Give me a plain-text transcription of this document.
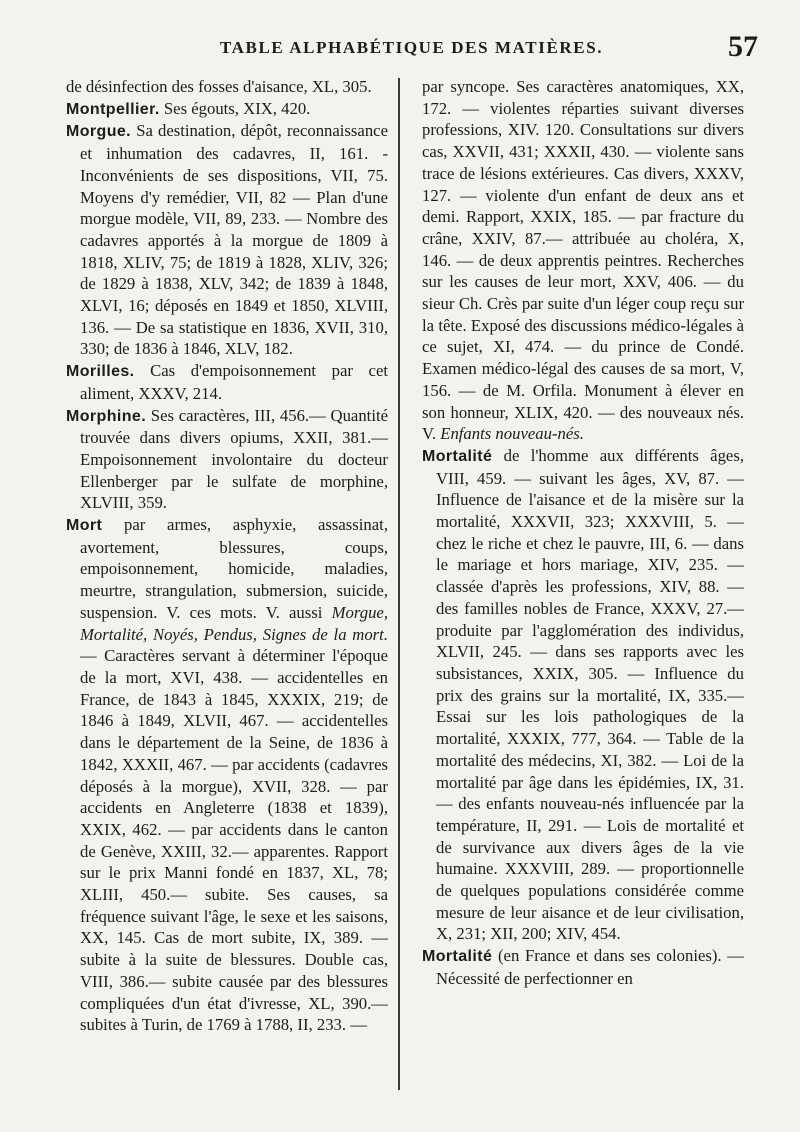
TABLE ALPHABÉTIQUE DES MATIÈRES.	57

de désinfection des fosses d'aisance, XL, 305.

Montpellier. Ses égouts, XIX, 420.

Morgue. Sa destination, dépôt, reconnaissance et inhumation des cadavres, II, 161. - Inconvénients de ses dispositions, VII, 75. Moyens d'y remédier, VII, 82 — Plan d'une morgue modèle, VII, 89, 233. — Nombre des cadavres apportés à la morgue de 1809 à 1818, XLIV, 75; de 1819 à 1828, XLIV, 326; de 1829 à 1838, XLV, 342; de 1839 à 1848, XLVI, 16; déposés en 1849 et 1850, XLVIII, 136. — De sa statistique en 1836, XVII, 310, 330; de 1836 à 1846, XLV, 182.

Morilles. Cas d'empoisonnement par cet aliment, XXXV, 214.

Morphine. Ses caractères, III, 456.— Quantité trouvée dans divers opiums, XXII, 381.— Empoisonnement involontaire du docteur Ellenberger par le sulfate de morphine, XLVIII, 359.

Mort par armes, asphyxie, assassinat, avortement, blessures, coups, empoisonnement, homicide, maladies, meurtre, strangulation, submersion, suicide, suspension. V. ces mots. V. aussi Morgue, Mortalité, Noyés, Pendus, Signes de la mort. — Caractères servant à déterminer l'époque de la mort, XVI, 438. — accidentelles en France, de 1843 à 1845, XXXIX, 219; de 1846 à 1849, XLVII, 467. — accidentelles dans le département de la Seine, de 1836 à 1842, XXXII, 467. — par accidents (cadavres déposés à la morgue), XVII, 328. — par accidents en Angleterre (1838 et 1839), XXIX, 462. — par accidents dans le canton de Genève, XXIII, 32.— apparentes. Rapport sur le prix Manni fondé en 1837, XL, 78; XLIII, 450.— subite. Ses causes, sa fréquence suivant l'âge, le sexe et les saisons, XX, 145. Cas de mort subite, IX, 389. — subite à la suite de blessures. Double cas, VIII, 386.— subite causée par des blessures compliquées d'un état d'ivresse, XL, 390.— subites à Turin, de 1769 à 1788, II, 233. —

par syncope. Ses caractères anatomiques, XX, 172. — violentes réparties suivant diverses professions, XIV. 120. Consultations sur divers cas, XXVII, 431; XXXII, 430. — violente sans trace de lésions extérieures. Cas divers, XXXV, 127. — violente d'un enfant de deux ans et demi. Rapport, XXIX, 185. — par fracture du crâne, XXIV, 87.— attribuée au choléra, X, 146. — de deux apprentis peintres. Recherches sur les causes de leur mort, XXV, 406. — du sieur Ch. Crès par suite d'un léger coup reçu sur la tête. Exposé des discussions médico-légales à ce sujet, XI, 474. — du prince de Condé. Examen médico-légal des causes de sa mort, V, 156. — de M. Orfila. Monument à élever en son honneur, XLIX, 420. — des nouveaux nés. V. Enfants nouveau-nés.

Mortalité de l'homme aux différents âges, VIII, 459. — suivant les âges, XV, 87. — Influence de l'aisance et de la misère sur la mortalité, XXXVII, 323; XXXVIII, 5. — chez le riche et chez le pauvre, III, 6. — dans le mariage et hors mariage, XIV, 235. — classée d'après les professions, XIV, 88. — des familles nobles de France, XXXV, 27.—produite par l'agglomération des individus, XLVII, 245. — dans ses rapports avec les subsistances, XXIX, 305. — Influence du prix des grains sur la mortalité, IX, 335.—Essai sur les lois pathologiques de la mortalité, XXXIX, 777, 364. — Table de la mortalité des médecins, XI, 382. — Loi de la mortalité par âge dans les épidémies, IX, 31.— des enfants nouveau-nés influencée par la température, II, 291. — Lois de mortalité et de survivance aux divers âges de la vie humaine. XXXVIII, 289. — proportionnelle de quelques populations considérée comme mesure de leur aisance et de leur civilisation, X, 231; XII, 200; XIV, 454.

Mortalité (en France et dans ses colonies). — Nécessité de perfectionner en
